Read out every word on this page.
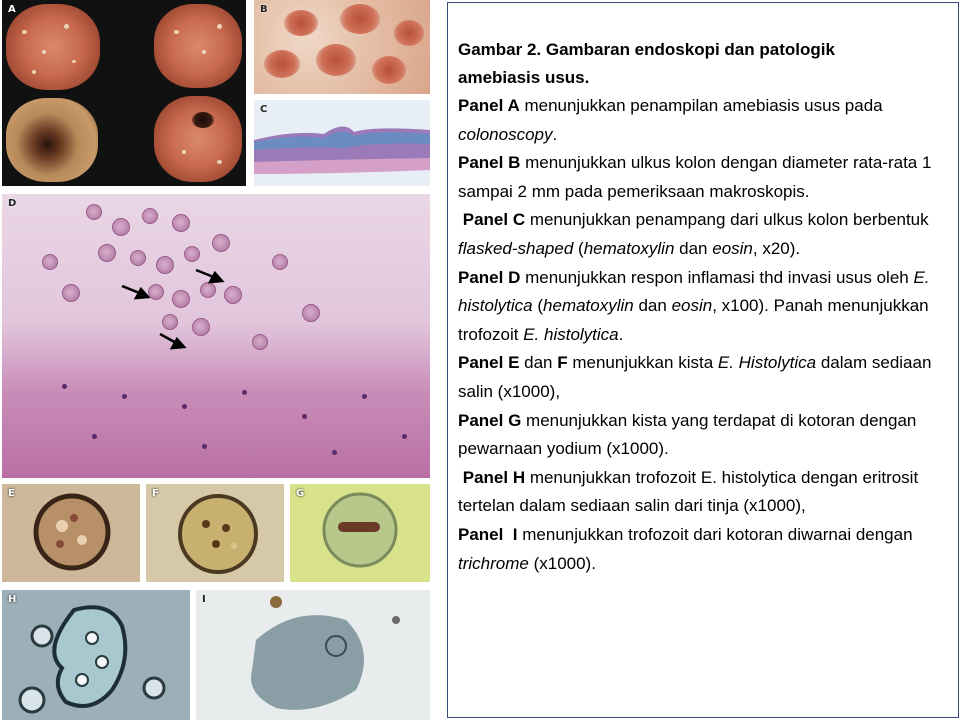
A	B
C
D
E	F	G
H	I
Gambar 2. Gambaran endoskopi dan patologik
amebiasis usus.
Panel A menunjukkan penampilan amebiasis usus pada colonoscopy.
Panel B menunjukkan ulkus kolon dengan diameter rata-rata 1 sampai 2 mm pada pemeriksaan makroskopis.
Panel C menunjukkan penampang dari ulkus kolon berbentuk flasked-shaped (hematoxylin dan eosin, x20).
Panel D menunjukkan respon inflamasi thd invasi usus oleh E. histolytica (hematoxylin dan eosin, x100). Panah menunjukkan trofozoit E. histolytica.
Panel E dan F menunjukkan kista E. Histolytica dalam sediaan salin (x1000),
Panel G menunjukkan kista yang terdapat di kotoran dengan pewarnaan yodium (x1000).
Panel H menunjukkan trofozoit E. histolytica dengan eritrosit tertelan dalam sediaan salin dari tinja (x1000),
Panel  I menunjukkan trofozoit dari kotoran diwarnai dengan trichrome (x1000).
